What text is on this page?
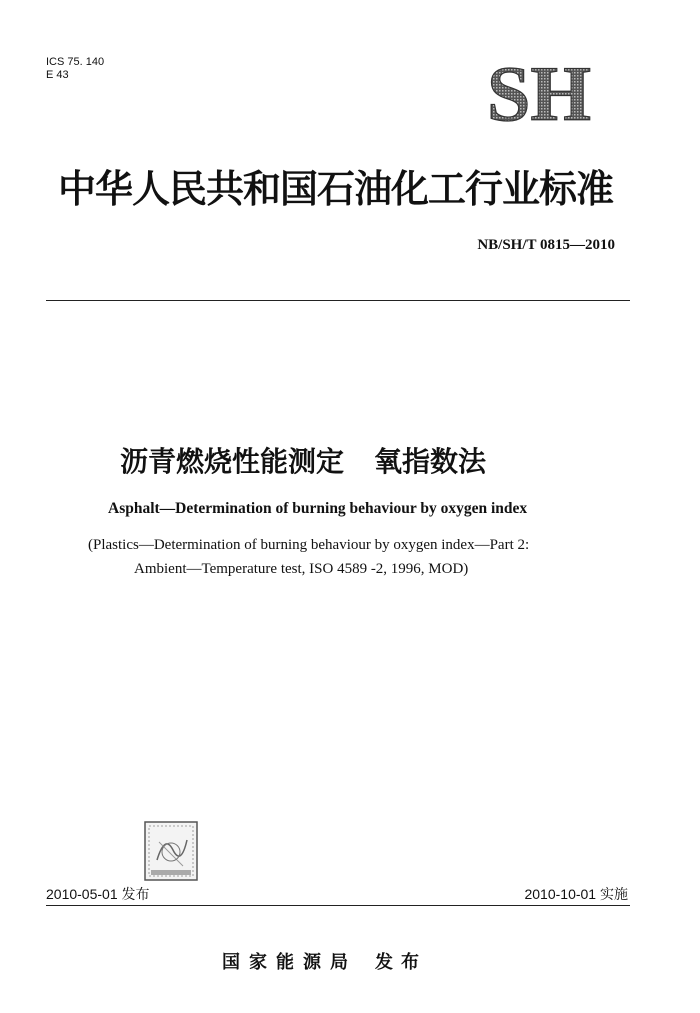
ICS 75. 140
E 43	SH
中华人民共和国石油化工行业标准
NB/SH/T 0815—2010
沥青燃烧性能测定 氧指数法
Asphalt—Determination of burning behaviour by oxygen index
(Plastics—Determination of burning behaviour by oxygen index—Part 2:
Ambient—Temperature test, ISO 4589 -2, 1996, MOD)
2010-05-01 发布	2010-10-01 实施
国家能源局 发布
